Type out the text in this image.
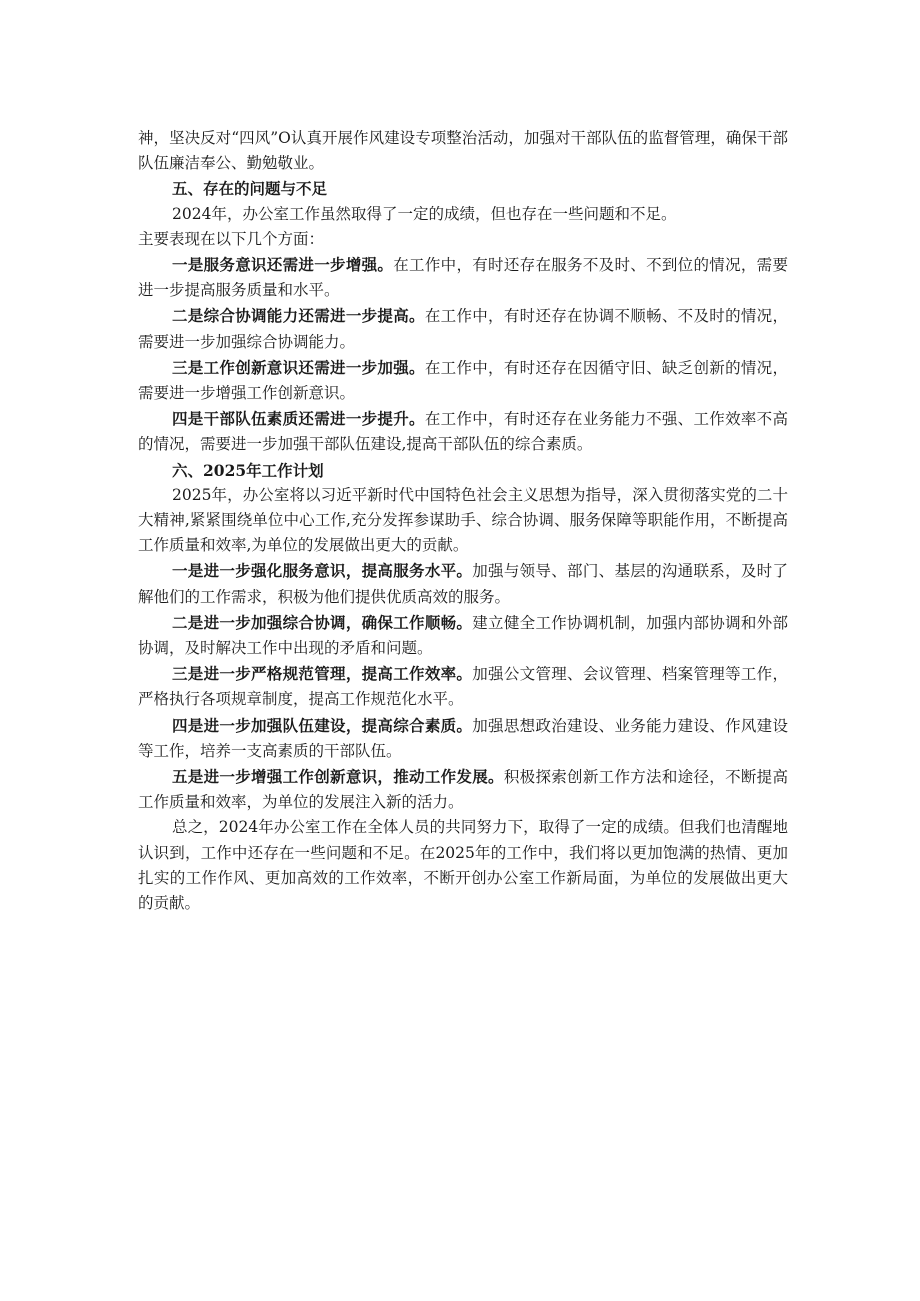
神，坚决反对“四风”O认真开展作风建设专项整治活动，加强对干部队伍的监督管理，确保干部队伍廉洁奉公、勤勉敬业。

五、存在的问题与不足

2024年，办公室工作虽然取得了一定的成绩，但也存在一些问题和不足。

主要表现在以下几个方面：

一是服务意识还需进一步增强。在工作中，有时还存在服务不及时、不到位的情况，需要进一步提高服务质量和水平。

二是综合协调能力还需进一步提高。在工作中，有时还存在协调不顺畅、不及时的情况，需要进一步加强综合协调能力。

三是工作创新意识还需进一步加强。在工作中，有时还存在因循守旧、缺乏创新的情况，需要进一步增强工作创新意识。

四是干部队伍素质还需进一步提升。在工作中，有时还存在业务能力不强、工作效率不高的情况，需要进一步加强干部队伍建设,提高干部队伍的综合素质。

六、2025年工作计划

2025年，办公室将以习近平新时代中国特色社会主义思想为指导，深入贯彻落实党的二十大精神,紧紧围绕单位中心工作,充分发挥参谋助手、综合协调、服务保障等职能作用，不断提高工作质量和效率,为单位的发展做出更大的贡献。

一是进一步强化服务意识，提高服务水平。加强与领导、部门、基层的沟通联系，及时了解他们的工作需求，积极为他们提供优质高效的服务。

二是进一步加强综合协调，确保工作顺畅。建立健全工作协调机制，加强内部协调和外部协调，及时解决工作中出现的矛盾和问题。

三是进一步严格规范管理，提高工作效率。加强公文管理、会议管理、档案管理等工作，严格执行各项规章制度，提高工作规范化水平。

四是进一步加强队伍建设，提高综合素质。加强思想政治建设、业务能力建设、作风建设等工作，培养一支高素质的干部队伍。

五是进一步增强工作创新意识，推动工作发展。积极探索创新工作方法和途径，不断提高工作质量和效率，为单位的发展注入新的活力。

总之，2024年办公室工作在全体人员的共同努力下，取得了一定的成绩。但我们也清醒地认识到，工作中还存在一些问题和不足。在2025年的工作中，我们将以更加饱满的热情、更加扎实的工作作风、更加高效的工作效率，不断开创办公室工作新局面，为单位的发展做出更大的贡献。
